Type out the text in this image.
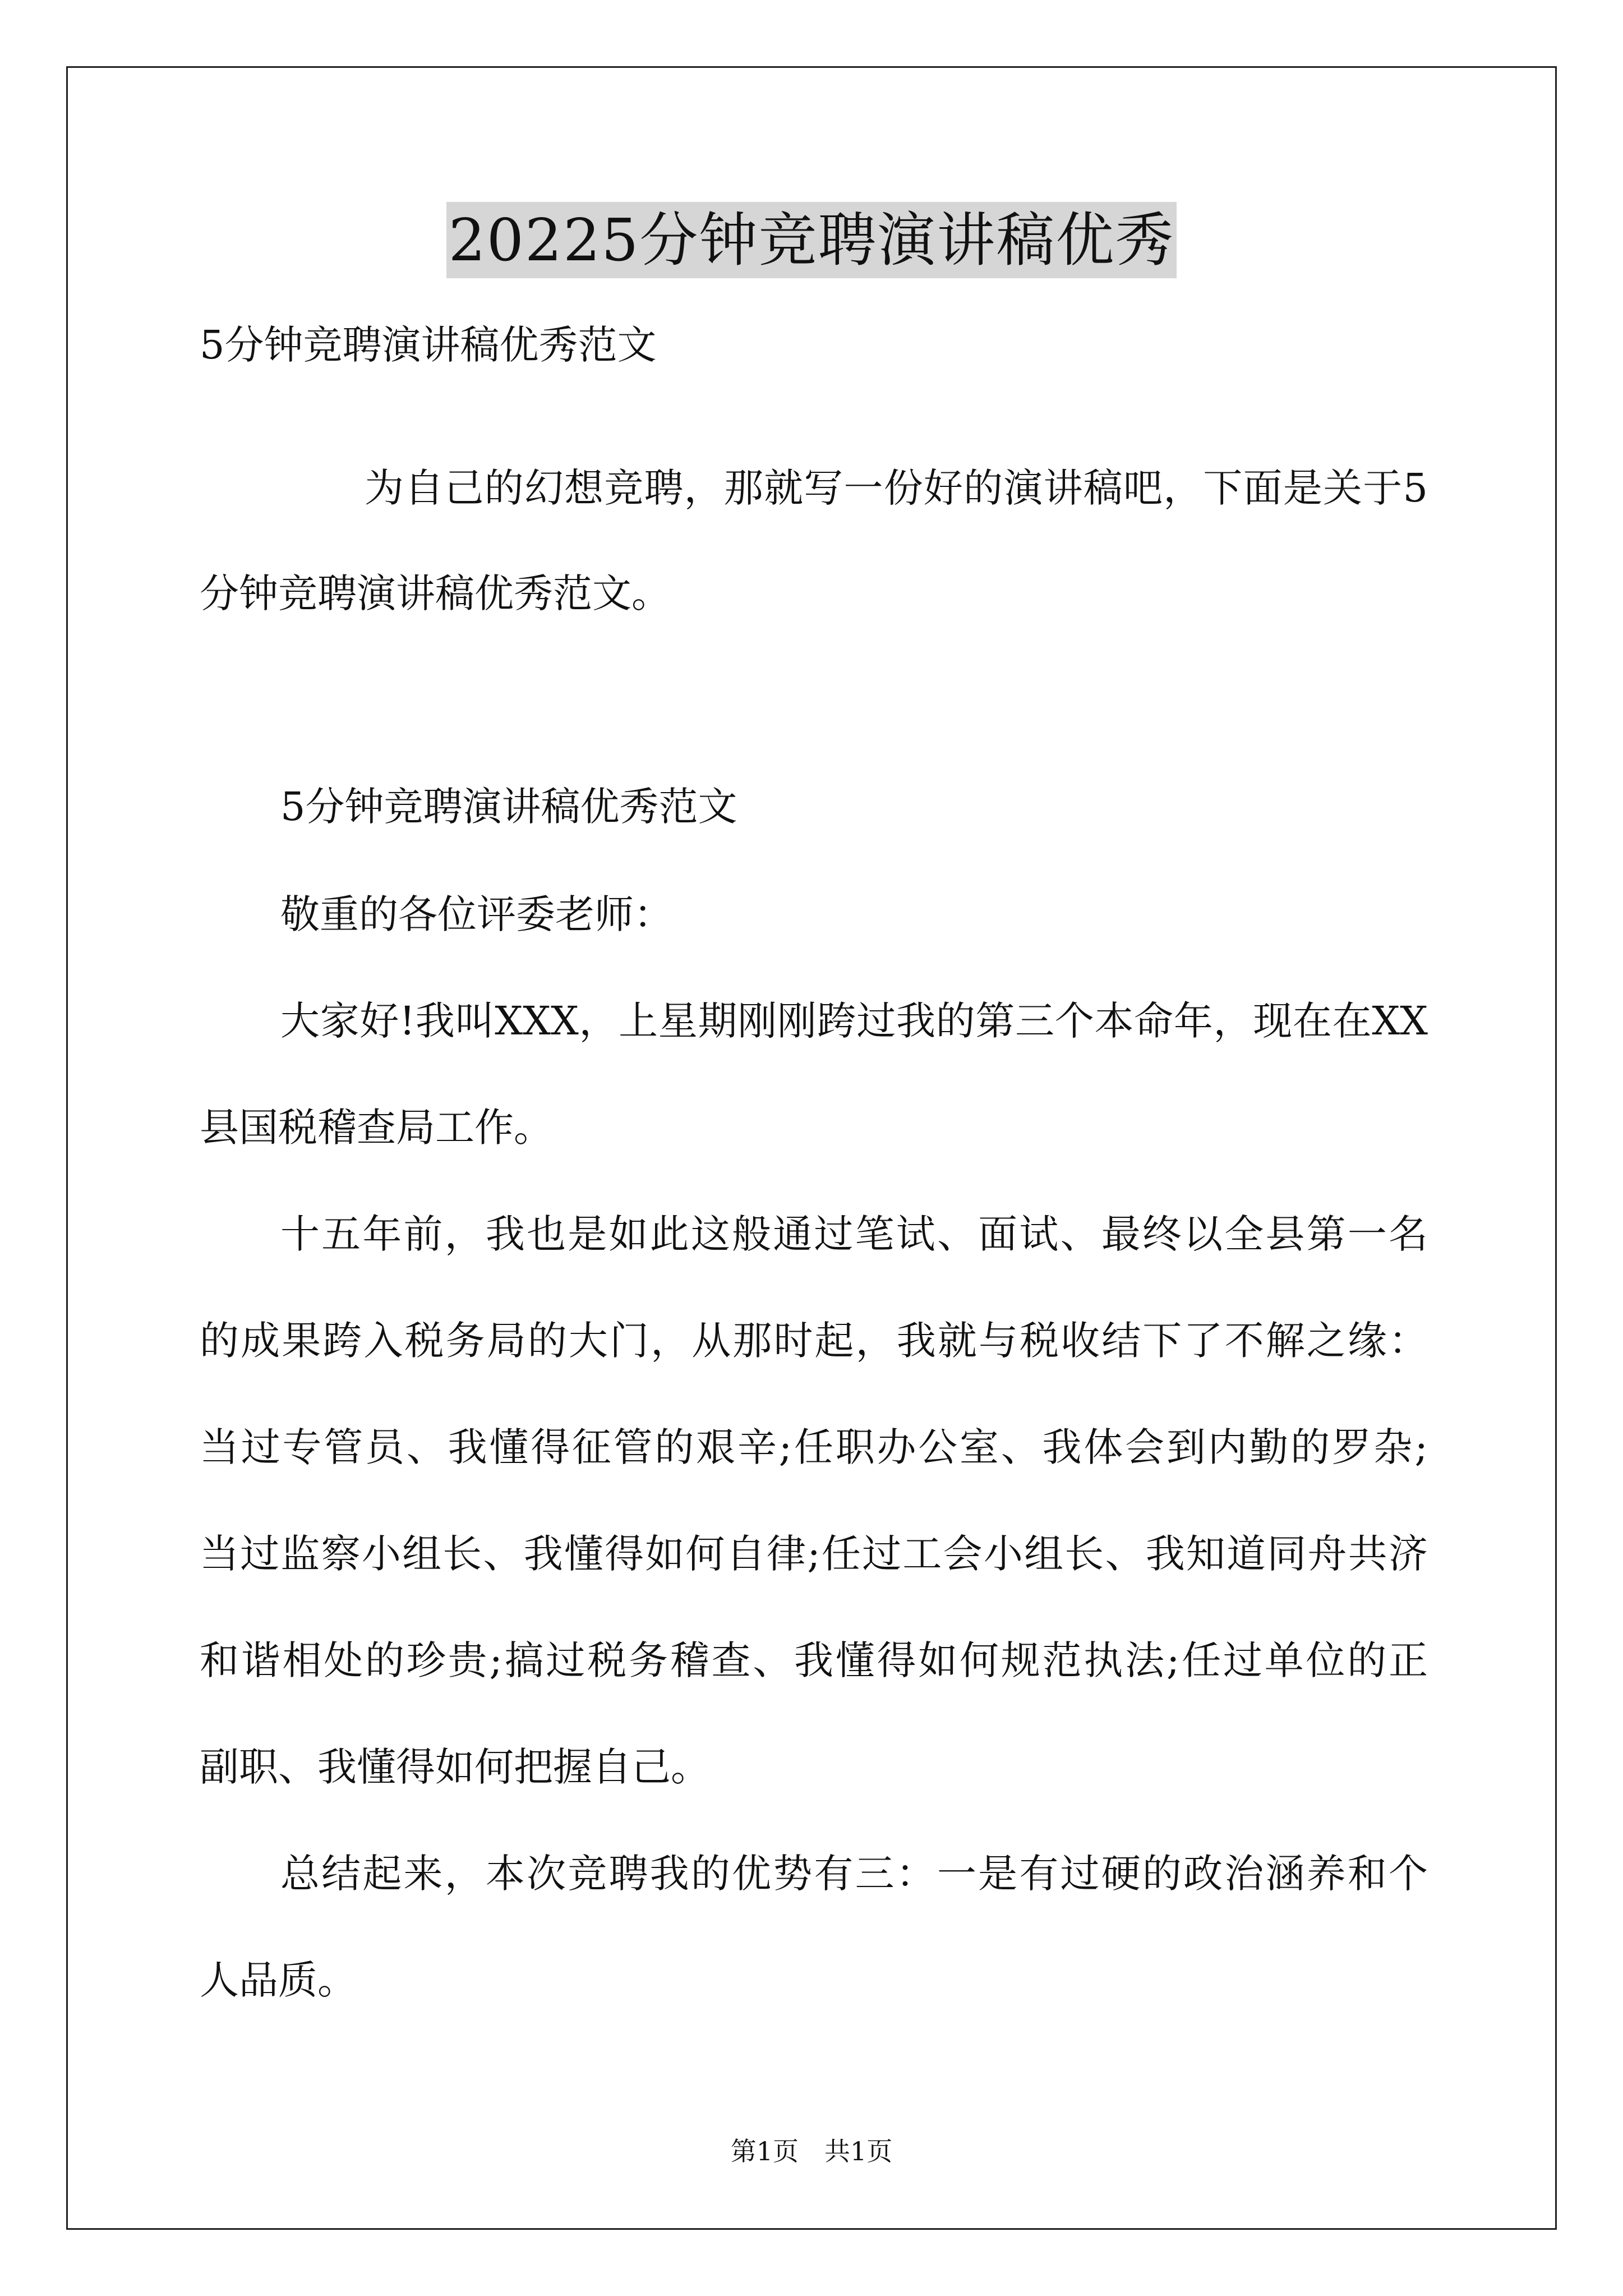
20225分钟竞聘演讲稿优秀
5分钟竞聘演讲稿优秀范文
为自己的幻想竞聘，那就写一份好的演讲稿吧，下面是关于5
分钟竞聘演讲稿优秀范文。
5分钟竞聘演讲稿优秀范文
敬重的各位评委老师：
大家好!我叫XXX，上星期刚刚跨过我的第三个本命年，现在在XX
县国税稽查局工作。
十五年前，我也是如此这般通过笔试、面试、最终以全县第一名
的成果跨入税务局的大门，从那时起，我就与税收结下了不解之缘：
当过专管员、我懂得征管的艰辛;任职办公室、我体会到内勤的罗杂;
当过监察小组长、我懂得如何自律;任过工会小组长、我知道同舟共济
和谐相处的珍贵;搞过税务稽查、我懂得如何规范执法;任过单位的正
副职、我懂得如何把握自己。
总结起来，本次竞聘我的优势有三：一是有过硬的政治涵养和个
人品质。
第1页　共1页
